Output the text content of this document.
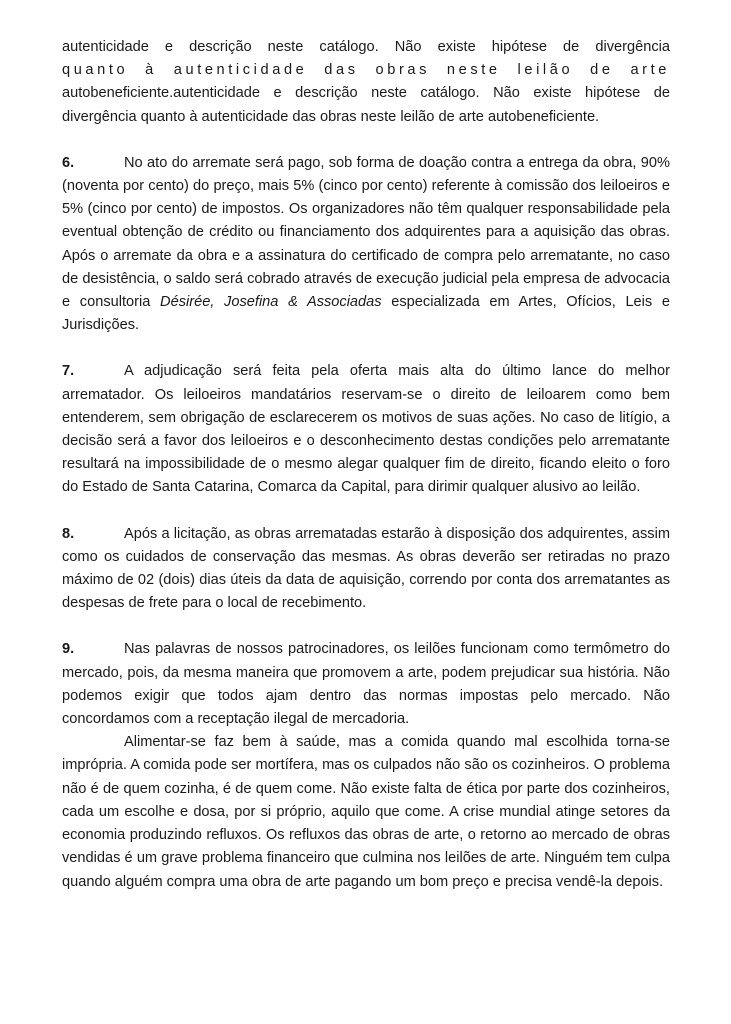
autenticidade e descrição neste catálogo. Não existe hipótese de divergência
quanto à autenticidade das obras neste leilão de arte
autobeneficiente.autenticidade e descrição neste catálogo. Não existe hipótese de divergência quanto à autenticidade das obras neste leilão de arte autobeneficiente.

6.	No ato do arremate será pago, sob forma de doação contra a entrega da obra, 90% (noventa por cento) do preço, mais 5% (cinco por cento) referente à comissão dos leiloeiros e 5% (cinco por cento) de impostos. Os organizadores não têm qualquer responsabilidade pela eventual obtenção de crédito ou financiamento dos adquirentes para a aquisição das obras. Após o arremate da obra e a assinatura do certificado de compra pelo arrematante, no caso de desistência, o saldo será cobrado através de execução judicial pela empresa de advocacia e consultoria Désirée, Josefina & Associadas especializada em Artes, Ofícios, Leis e Jurisdições.

7.	A adjudicação será feita pela oferta mais alta do último lance do melhor arrematador. Os leiloeiros mandatários reservam-se o direito de leiloarem como bem entenderem, sem obrigação de esclarecerem os motivos de suas ações. No caso de litígio, a decisão será a favor dos leiloeiros e o desconhecimento destas condições pelo arrematante resultará na impossibilidade de o mesmo alegar qualquer fim de direito, ficando eleito o foro do Estado de Santa Catarina, Comarca da Capital, para dirimir qualquer alusivo ao leilão.

8.	Após a licitação, as obras arrematadas estarão à disposição dos adquirentes, assim como os cuidados de conservação das mesmas. As obras deverão ser retiradas no prazo máximo de 02 (dois) dias úteis da data de aquisição, correndo por conta dos arrematantes as despesas de frete para o local de recebimento.

9.	Nas palavras de nossos patrocinadores, os leilões funcionam como termômetro do mercado, pois, da mesma maneira que promovem a arte, podem prejudicar sua história. Não podemos exigir que todos ajam dentro das normas impostas pelo mercado. Não concordamos com a receptação ilegal de mercadoria.

Alimentar-se faz bem à saúde, mas a comida quando mal escolhida torna-se imprópria. A comida pode ser mortífera, mas os culpados não são os cozinheiros. O problema não é de quem cozinha, é de quem come. Não existe falta de ética por parte dos cozinheiros, cada um escolhe e dosa, por si próprio, aquilo que come. A crise mundial atinge setores da economia produzindo refluxos. Os refluxos das obras de arte, o retorno ao mercado de obras vendidas é um grave problema financeiro que culmina nos leilões de arte. Ninguém tem culpa quando alguém compra uma obra de arte pagando um bom preço e precisa vendê-la depois.
